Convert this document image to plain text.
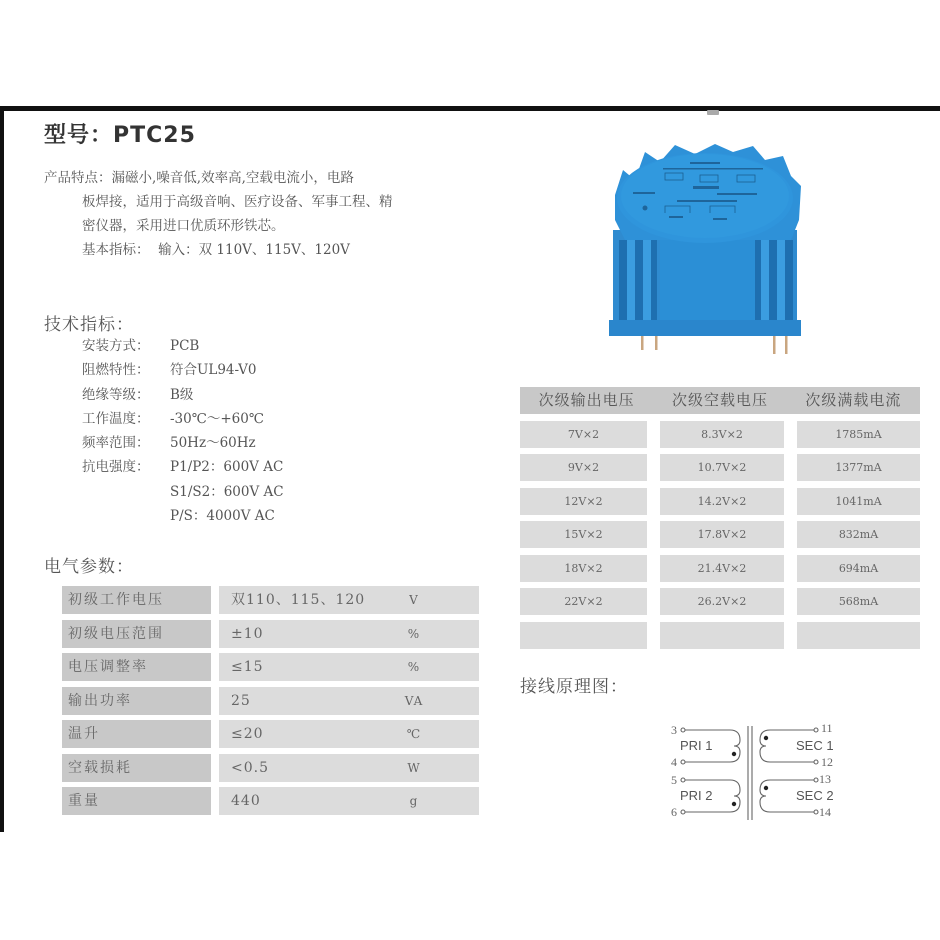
型号：PTC25
产品特点：漏磁小,噪音低,效率高,空载电流小，电路
板焊接，适用于高级音响、医疗设备、军事工程、精
密仪器，采用进口优质环形铁芯。
基本指标： 输入：双 110V、115V、120V
技术指标：
安装方式： PCB
阻燃特性： 符合UL94-V0
绝缘等级： B级
工作温度： -30℃～+60℃
频率范围： 50Hz～60Hz
抗电强度： P1/P2：600V AC
S1/S2：600V AC
P/S：4000V AC
电气参数：
初级工作电压	双110、115、120	V
初级电压范围	±10	%
电压调整率	≤15	%
输出功率	25	VA
温升	≤20	℃
空载损耗	<0.5	W
重量	440	g
次级输出电压	次级空载电压	次级满载电流
7V×2	8.3V×2	1785mA
9V×2	10.7V×2	1377mA
12V×2	14.2V×2	1041mA
15V×2	17.8V×2	832mA
18V×2	21.4V×2	694mA
22V×2	26.2V×2	568mA
接线原理图：
3
4
5
6
11
12
13
14
PRI 1
PRI 2
SEC 1
SEC 2
